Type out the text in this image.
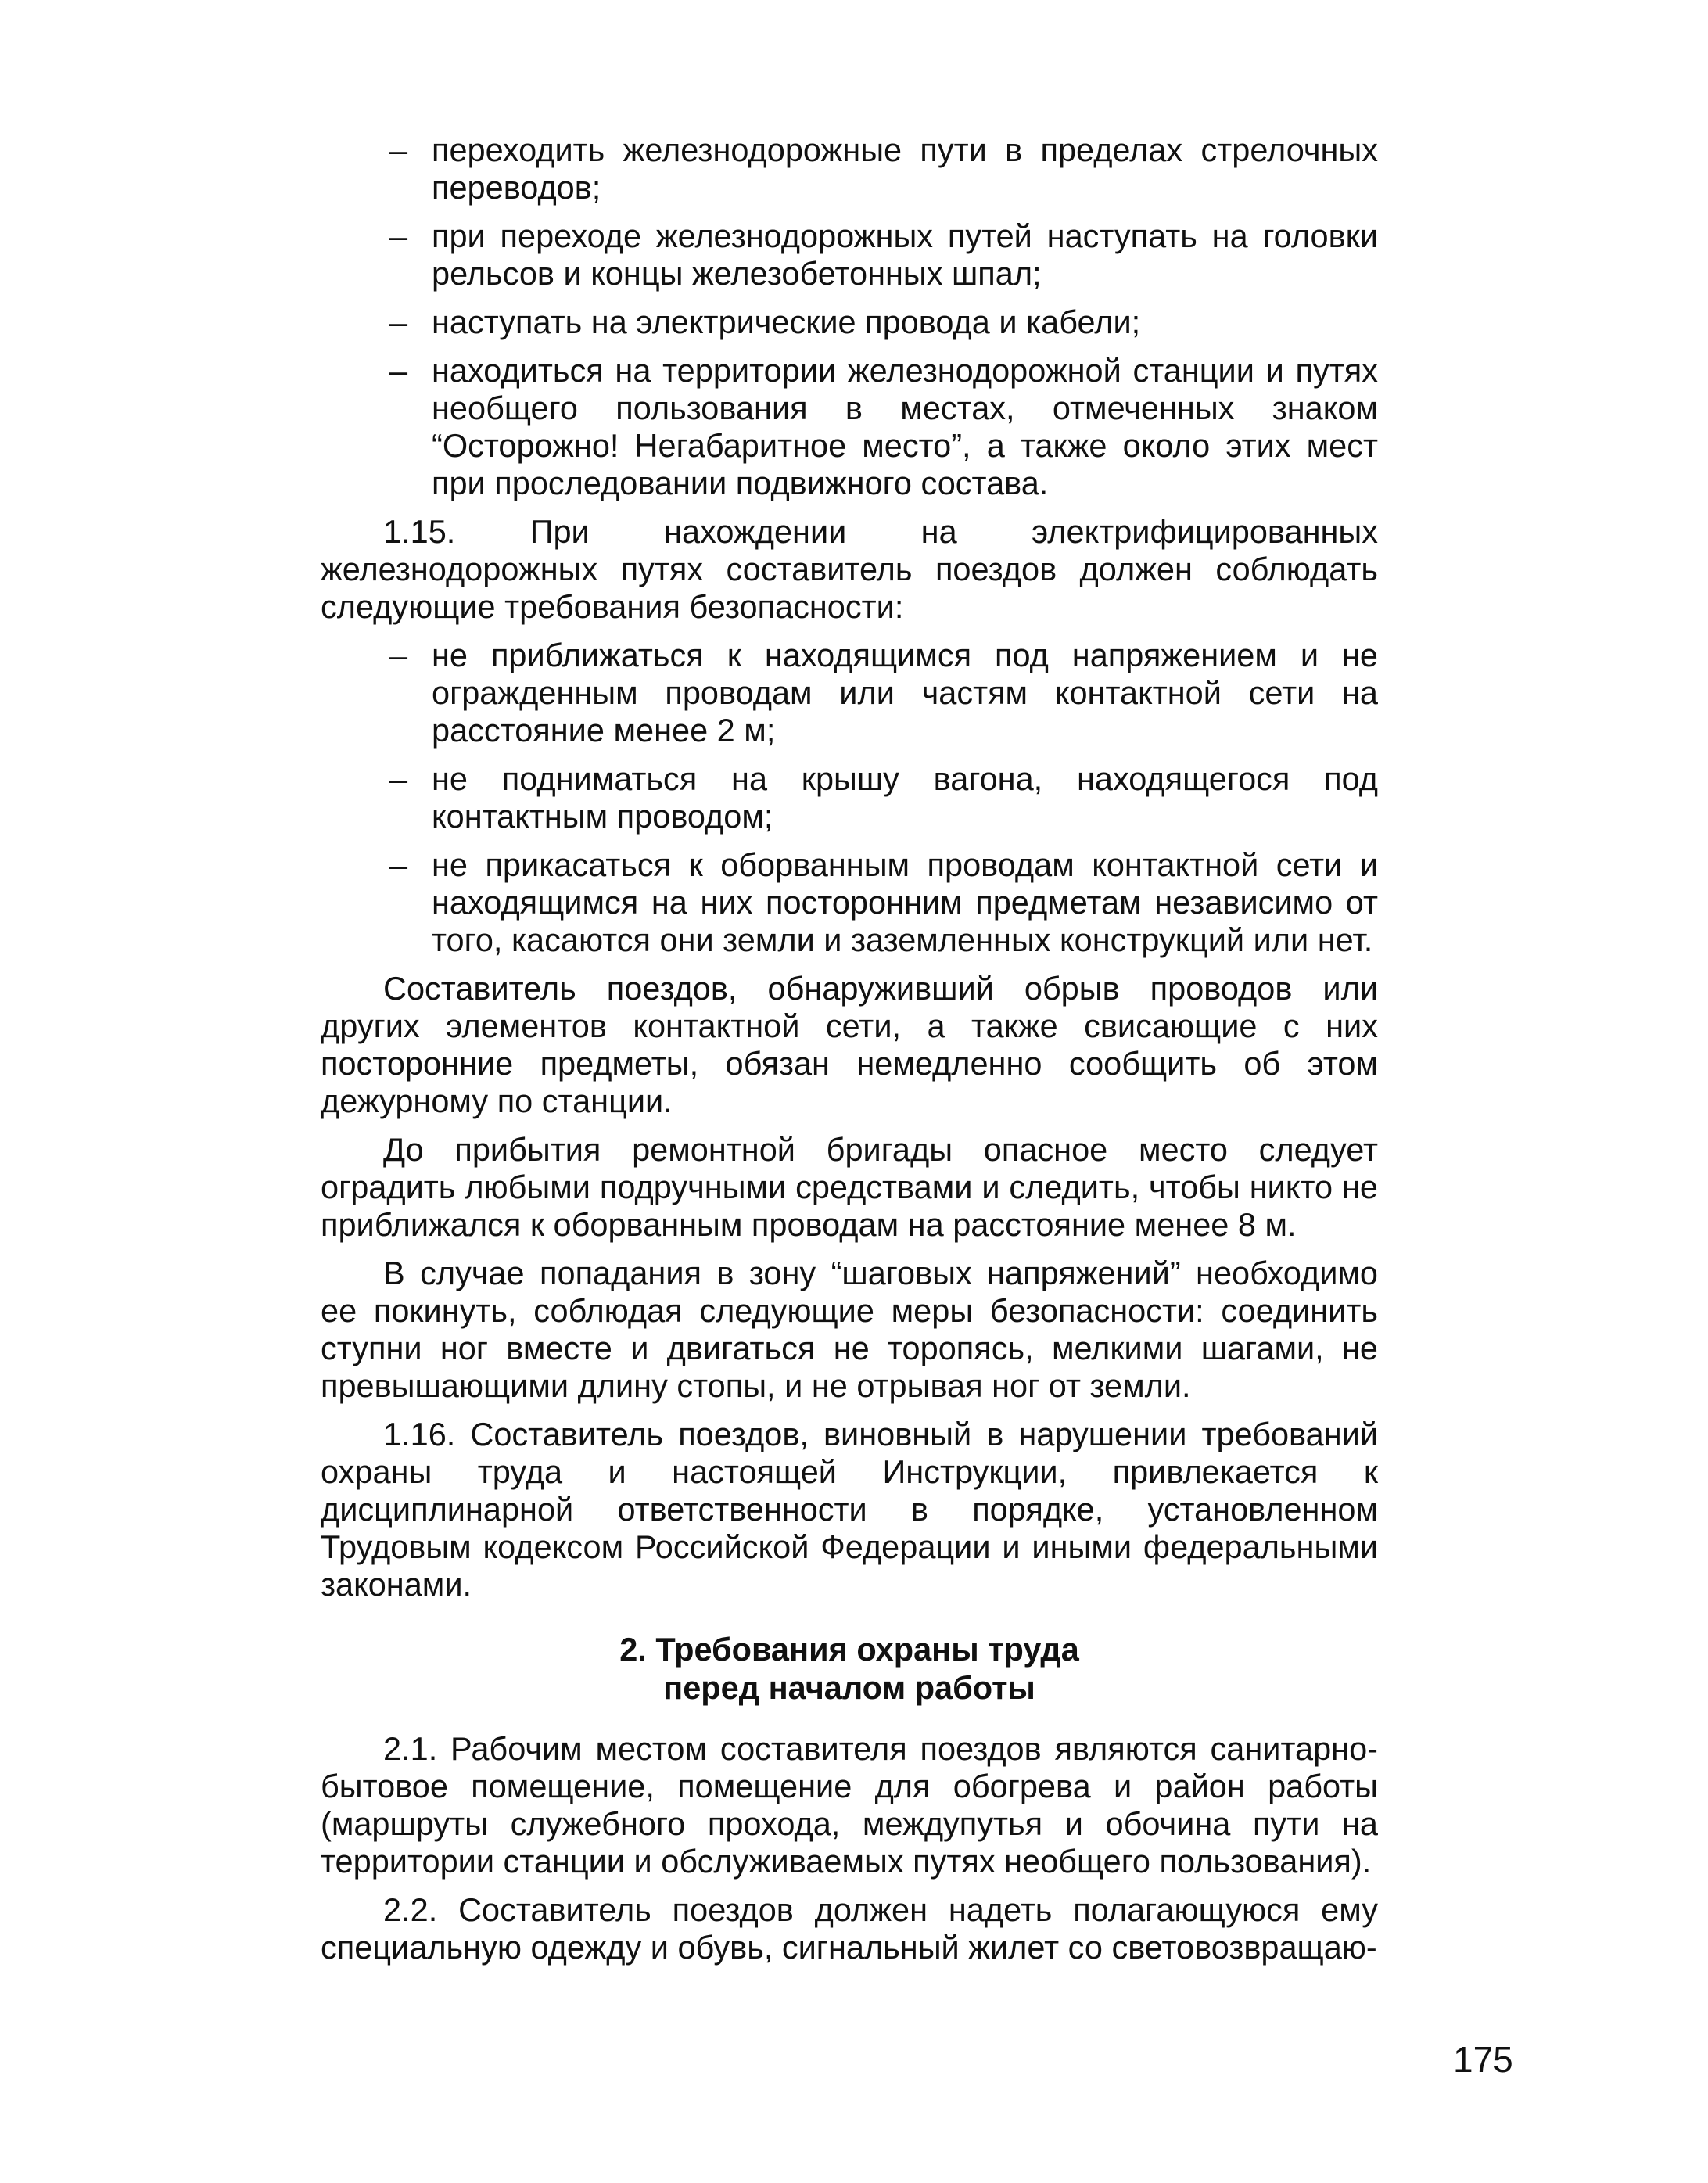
– переходить железнодорожные пути в пределах стрелочных переводов;
– при переходе железнодорожных путей наступать на головки рельсов и концы железобетонных шпал;
– наступать на электрические провода и кабели;
– находиться на территории железнодорожной станции и путях необщего пользования в местах, отмеченных знаком “Осторожно! Негабаритное место”, а также около этих мест при проследовании подвижного состава.

1.15. При нахождении на электрифицированных железнодорожных путях составитель поездов должен соблюдать следующие требования безопасности:

– не приближаться к находящимся под напряжением и не огражденным проводам или частям контактной сети на расстояние менее 2 м;
– не подниматься на крышу вагона, находящегося под контактным проводом;
– не прикасаться к оборванным проводам контактной сети и находящимся на них посторонним предметам независимо от того, касаются они земли и заземленных конструкций или нет.

Составитель поездов, обнаруживший обрыв проводов или других элементов контактной сети, а также свисающие с них посторонние предметы, обязан немедленно сообщить об этом дежурному по станции.

До прибытия ремонтной бригады опасное место следует оградить любыми подручными средствами и следить, чтобы никто не приближался к оборванным проводам на расстояние менее 8 м.

В случае попадания в зону “шаговых напряжений” необходимо ее покинуть, соблюдая следующие меры безопасности: соединить ступни ног вместе и двигаться не торопясь, мелкими шагами, не превышающими длину стопы, и не отрывая ног от земли.

1.16. Составитель поездов, виновный в нарушении требований охраны труда и настоящей Инструкции, привлекается к дисциплинарной ответственности в порядке, установленном Трудовым кодексом Российской Федерации и иными федеральными законами.

2. Требования охраны труда
перед началом работы

2.1. Рабочим местом составителя поездов являются санитарно-бытовое помещение, помещение для обогрева и район работы (маршруты служебного прохода, междупутья и обочина пути на территории станции и обслуживаемых путях необщего пользования).

2.2. Составитель поездов должен надеть полагающуюся ему специальную одежду и обувь, сигнальный жилет со световозвращаю-

175
